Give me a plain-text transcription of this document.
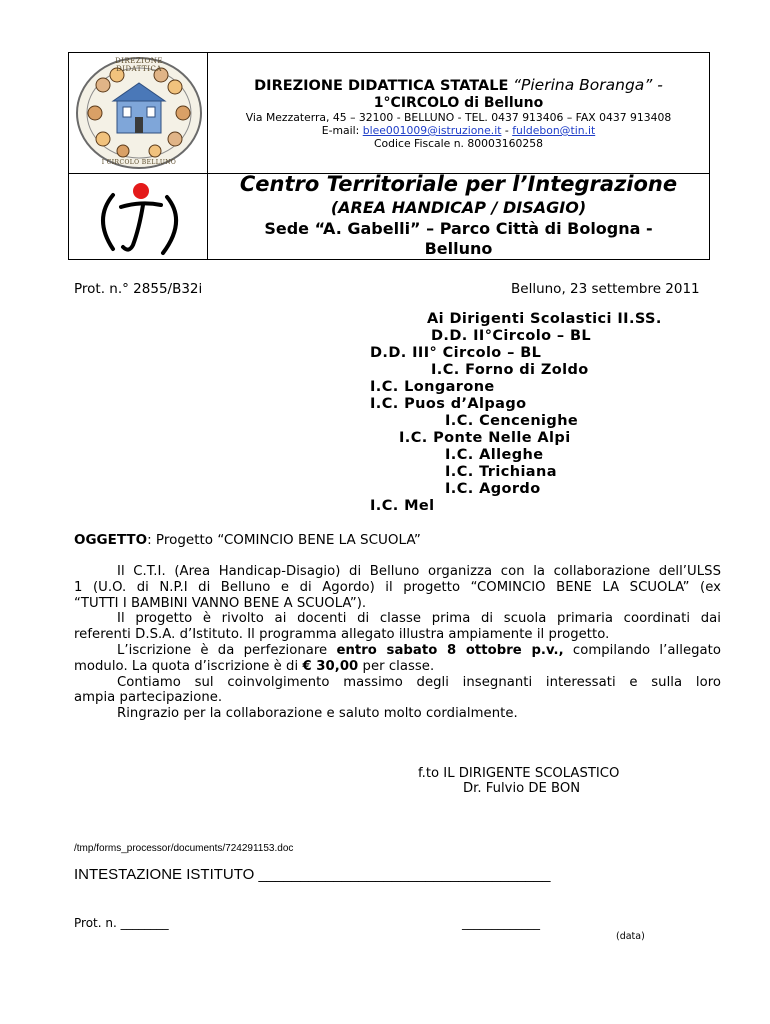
DIREZIONE DIDATTICA
I CIRCOLO BELLUNO
DIREZIONE DIDATTICA STATALE “Pierina Boranga” -
1°CIRCOLO di Belluno
Via Mezzaterra, 45 – 32100 - BELLUNO - TEL. 0437 913406 – FAX 0437 913408
E-mail: blee001009@istruzione.it - fuldebon@tin.it
Codice Fiscale n. 80003160258
Centro Territoriale per l’Integrazione
(AREA HANDICAP / DISAGIO)
Sede “A. Gabelli” – Parco Città di Bologna -
Belluno
Prot. n.° 2855/B32i	Belluno, 23 settembre 2011
Ai Dirigenti Scolastici II.SS.
D.D. II°Circolo – BL
D.D. III° Circolo – BL
I.C. Forno di Zoldo
I.C. Longarone
I.C. Puos d’Alpago
I.C. Cencenighe
I.C. Ponte Nelle Alpi
I.C. Alleghe
I.C. Trichiana
I.C. Agordo
I.C. Mel
OGGETTO: Progetto “COMINCIO BENE LA SCUOLA”
Il C.T.I. (Area Handicap-Disagio) di Belluno organizza con la collaborazione dell’ULSS
1 (U.O. di N.P.I di Belluno e di Agordo) il progetto “COMINCIO BENE LA SCUOLA” (ex
“TUTTI I BAMBINI VANNO BENE A SCUOLA”).
Il progetto è rivolto ai docenti di classe prima di scuola primaria coordinati dai
referenti D.S.A. d’Istituto. Il programma allegato illustra ampiamente il progetto.
L’iscrizione è da perfezionare entro sabato 8 ottobre p.v., compilando l’allegato
modulo. La quota d’iscrizione è di € 30,00 per classe.
Contiamo sul coinvolgimento massimo degli insegnanti interessati e sulla loro
ampia partecipazione.
Ringrazio per la collaborazione e saluto molto cordialmente.
f.to IL DIRIGENTE SCOLASTICO
Dr. Fulvio DE BON
/tmp/forms_processor/documents/724291153.doc
INTESTAZIONE ISTITUTO ___________________________________
Prot. n. ________	_____________
(data)
